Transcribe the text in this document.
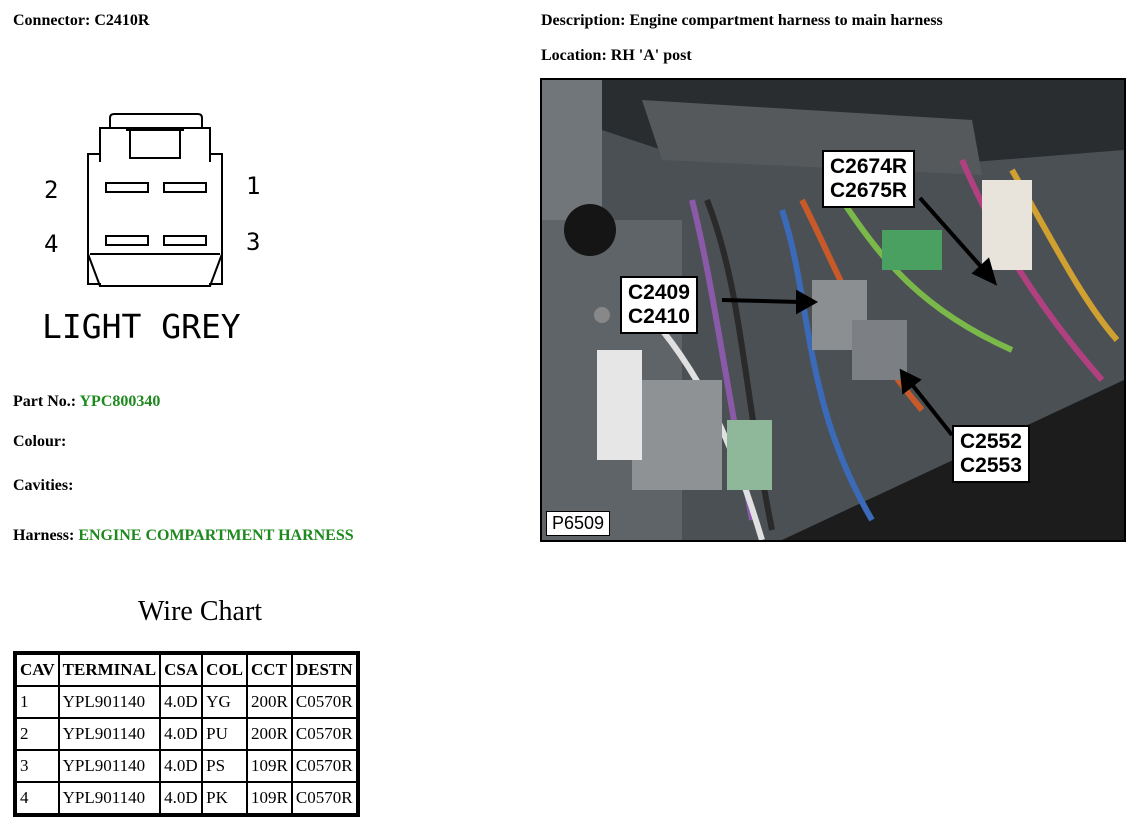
Connector: C2410R	Description: Engine compartment harness to main harness
Location: RH 'A' post
2	1
4	3
LIGHT GREY
Part No.: YPC800340
Colour:
Cavities:
Harness: ENGINE COMPARTMENT HARNESS
Wire Chart
CAV	TERMINAL	CSA	COL	CCT	DESTN
1	YPL901140	4.0D	YG	200R	C0570R
2	YPL901140	4.0D	PU	200R	C0570R
3	YPL901140	4.0D	PS	109R	C0570R
4	YPL901140	4.0D	PK	109R	C0570R
C2674R
C2675R
C2409
C2410
C2552
C2553
P6509
